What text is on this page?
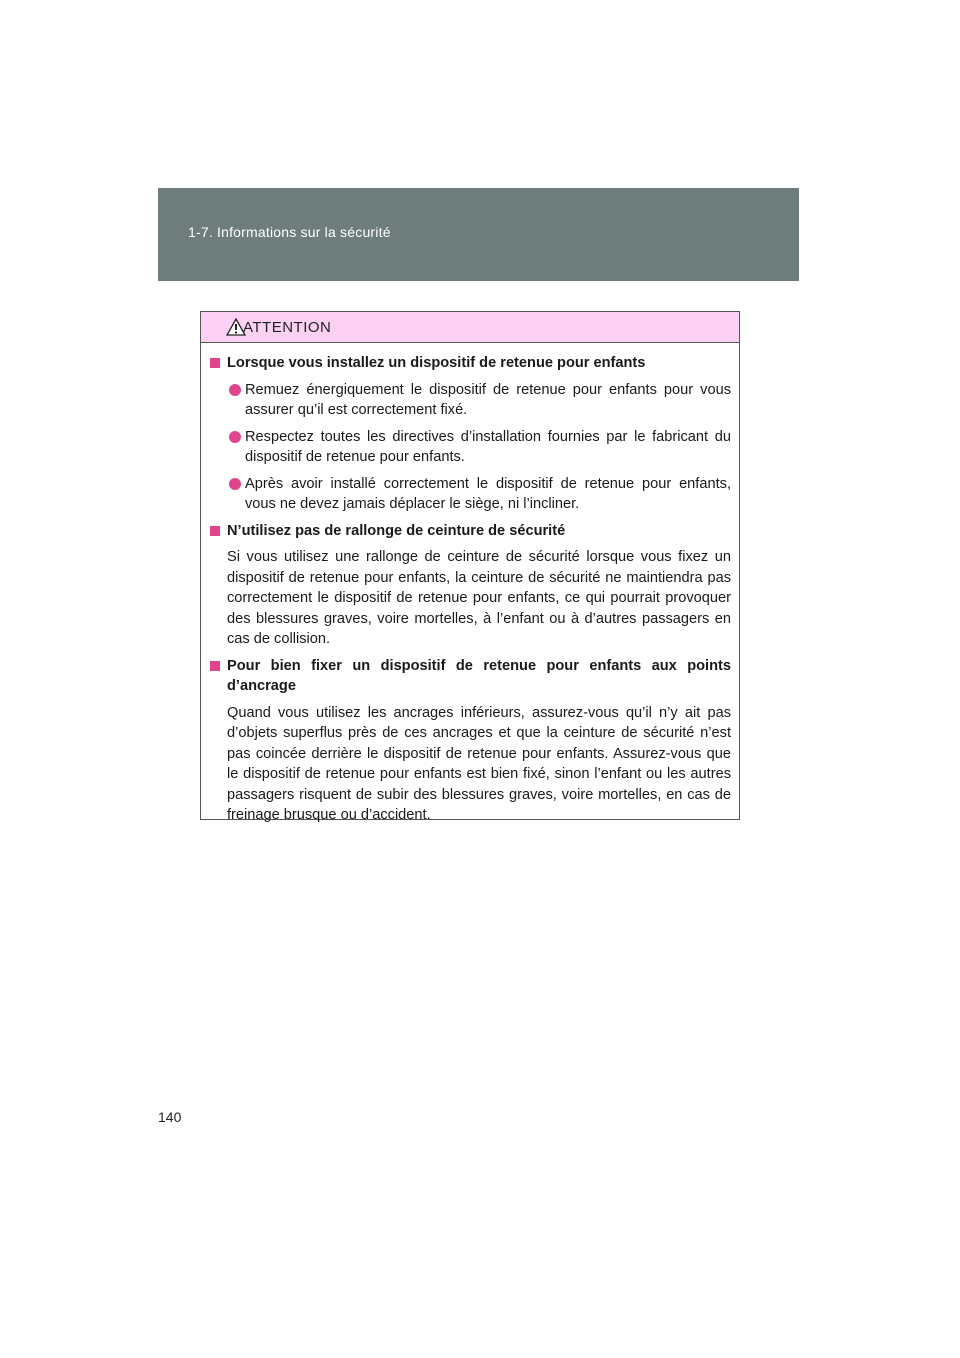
1-7. Informations sur la sécurité
ATTENTION
Lorsque vous installez un dispositif de retenue pour enfants
Remuez énergiquement le dispositif de retenue pour enfants pour vous assurer qu’il est correctement fixé.
Respectez toutes les directives d’installation fournies par le fabricant du dispositif de retenue pour enfants.
Après avoir installé correctement le dispositif de retenue pour enfants, vous ne devez jamais déplacer le siège, ni l’incliner.
N’utilisez pas de rallonge de ceinture de sécurité
Si vous utilisez une rallonge de ceinture de sécurité lorsque vous fixez un dispositif de retenue pour enfants, la ceinture de sécurité ne maintiendra pas correctement le dispositif de retenue pour enfants, ce qui pourrait provoquer des blessures graves, voire mortelles, à l’enfant ou à d’autres passagers en cas de collision.
Pour bien fixer un dispositif de retenue pour enfants aux points d’ancrage
Quand vous utilisez les ancrages inférieurs, assurez-vous qu’il n’y ait pas d’objets superflus près de ces ancrages et que la ceinture de sécurité n’est pas coincée derrière le dispositif de retenue pour enfants. Assurez-vous que le dispositif de retenue pour enfants est bien fixé, sinon l’enfant ou les autres passagers risquent de subir des blessures graves, voire mortelles, en cas de freinage brusque ou d’accident.
140
